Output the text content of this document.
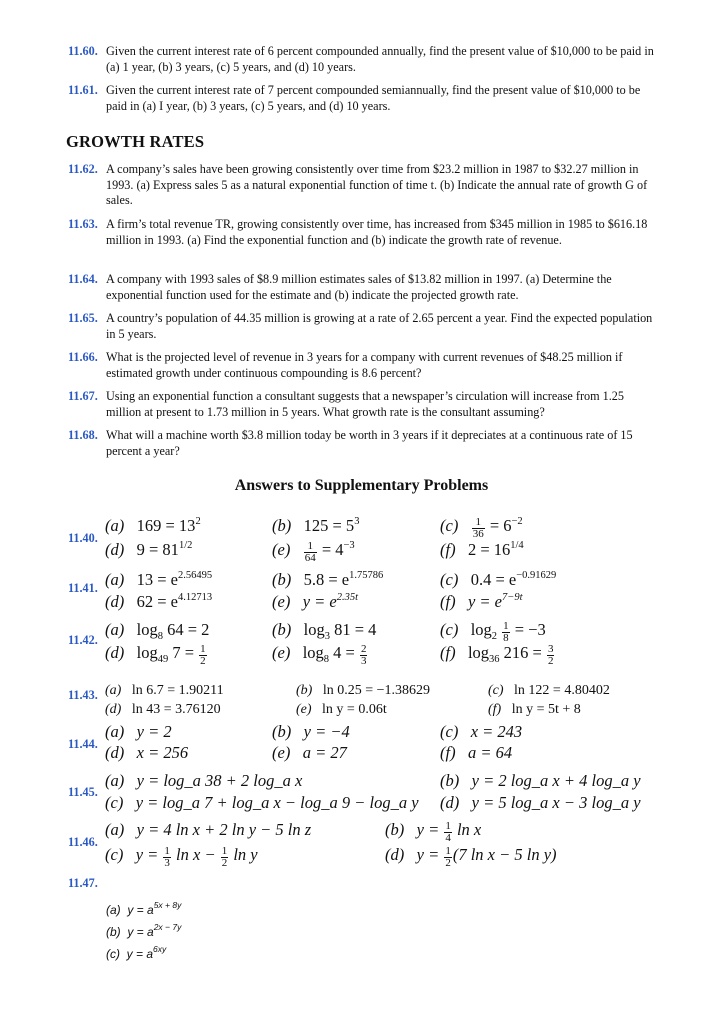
11.60. Given the current interest rate of 6 percent compounded annually, find the present value of $10,000 to be paid in (a) 1 year, (b) 3 years, (c) 5 years, and (d) 10 years.
11.61. Given the current interest rate of 7 percent compounded semiannually, find the present value of $10,000 to be paid in (a) I year, (b) 3 years, (c) 5 years, and (d) 10 years.
GROWTH RATES
11.62. A company’s sales have been growing consistently over time from $23.2 million in 1987 to $32.27 million in 1993. (a) Express sales 5 as a natural exponential function of time t. (b) Indicate the annual rate of growth G of sales.
11.63. A firm’s total revenue TR, growing consistently over time, has increased from $345 million in 1985 to $616.18 million in 1993. (a) Find the exponential function and (b) indicate the growth rate of revenue.
11.64. A company with 1993 sales of $8.9 million estimates sales of $13.82 million in 1997. (a) Determine the exponential function used for the estimate and (b) indicate the projected growth rate.
11.65. A country’s population of 44.35 million is growing at a rate of 2.65 percent a year. Find the expected population in 5 years.
11.66. What is the projected level of revenue in 3 years for a company with current revenues of $48.25 million if estimated growth under continuous compounding is 8.6 percent?
11.67. Using an exponential function a consultant suggests that a newspaper’s circulation will increase from 1.25 million at present to 1.73 million in 5 years. What growth rate is the consultant assuming?
11.68. What will a machine worth $3.8 million today be worth in 3 years if it depreciates at a continuous rate of 15 percent a year?
Answers to Supplementary Problems
11.40.
(a) $169 = 13^2$	(b) $125 = 5^3$	$(c) \frac{1}{36} = 6^{-2}$
(d) $9 = 81^{1/2}$	$(e) \frac{1}{64} = 4^{-3}$	(f) $2 = 16^{1/4}$
11.41. (a) $13 = e^{2.56495}$	(b) $5.8 = e^{1.75786}$	(c) $0.4 = e^{-0.91629}$
(d) $62 = e^{4.12713}$	(e) $y = e^{2.35t}$	(f) $y = e^{7-9t}$
11.42.
(a) $\log_8 64 = 2$	(b) $\log_3 81 = 4$	(c) $\log_2 \frac{1}{8} = -3$
(d) $\log_{49} 7 = \frac{1}{2}$	(e) $\log_8 4 = \frac{2}{3}$	(f) $\log_{36} 216 = \frac{3}{2}$
11.43. (a) ln 6.7 = 1.90211	(b) ln 0.25 = −1.38629	(c) ln 122 = 4.80402
(d) ln 43 = 3.76120	(e) ln y = 0.06t	(f) ln y = 5t + 8
11.44.
(a) y = 2	(b) y = −4	(c) x = 243
(d) x = 256	(e) a = 27	(f) a = 64
11.45.
(a) y = log_a 38 + 2 log_a x	(b) y = 2 log_a x + 4 log_a y
(c) y = log_a 7 + log_a x − log_a 9 − log_a y (d) y = 5 log_a x − 3 log_a y
11.46.
(a) y = 4 ln x + 2 ln y − 5 ln z	(b) $y = \frac{1}{4}$ ln x
(c) $y = \frac{1}{3}$ $\ln x - \frac{1}{2}$ ln y	(d) $y = \frac{1}{2} (7$ ln x − 5 ln y)
11.47.
(a) $y = a^{5x + 8y}$
(b) $y = a^{2x - 7y}$
(c) $y = a^{6xy}$
